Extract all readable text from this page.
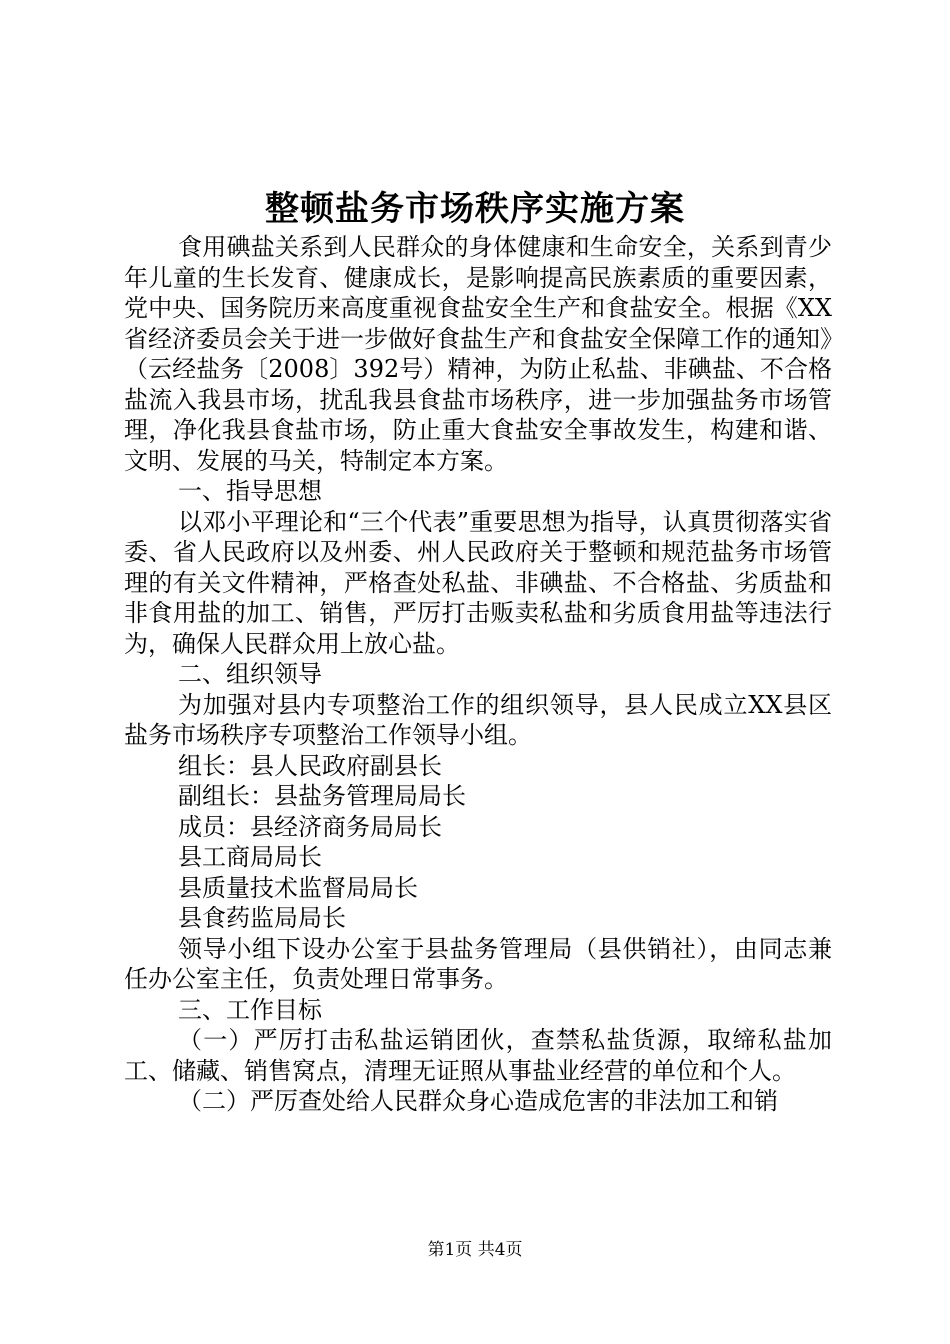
整顿盐务市场秩序实施方案

食用碘盐关系到人民群众的身体健康和生命安全，关系到青少年儿童的生长发育、健康成长，是影响提高民族素质的重要因素，党中央、国务院历来高度重视食盐安全生产和食盐安全。根据《XX省经济委员会关于进一步做好食盐生产和食盐安全保障工作的通知》（云经盐务〔2008〕392号）精神，为防止私盐、非碘盐、不合格盐流入我县市场，扰乱我县食盐市场秩序，进一步加强盐务市场管理，净化我县食盐市场，防止重大食盐安全事故发生，构建和谐、文明、发展的马关，特制定本方案。

一、指导思想

以邓小平理论和“三个代表”重要思想为指导，认真贯彻落实省委、省人民政府以及州委、州人民政府关于整顿和规范盐务市场管理的有关文件精神，严格查处私盐、非碘盐、不合格盐、劣质盐和非食用盐的加工、销售，严厉打击贩卖私盐和劣质食用盐等违法行为，确保人民群众用上放心盐。

二、组织领导

为加强对县内专项整治工作的组织领导，县人民成立XX县区盐务市场秩序专项整治工作领导小组。

组长：县人民政府副县长

副组长：县盐务管理局局长

成员：县经济商务局局长

县工商局局长

县质量技术监督局局长

县食药监局局长

领导小组下设办公室于县盐务管理局（县供销社），由同志兼任办公室主任，负责处理日常事务。

三、工作目标

（一）严厉打击私盐运销团伙，查禁私盐货源，取缔私盐加工、储藏、销售窝点，清理无证照从事盐业经营的单位和个人。

（二）严厉查处给人民群众身心造成危害的非法加工和销

第1页 共4页
